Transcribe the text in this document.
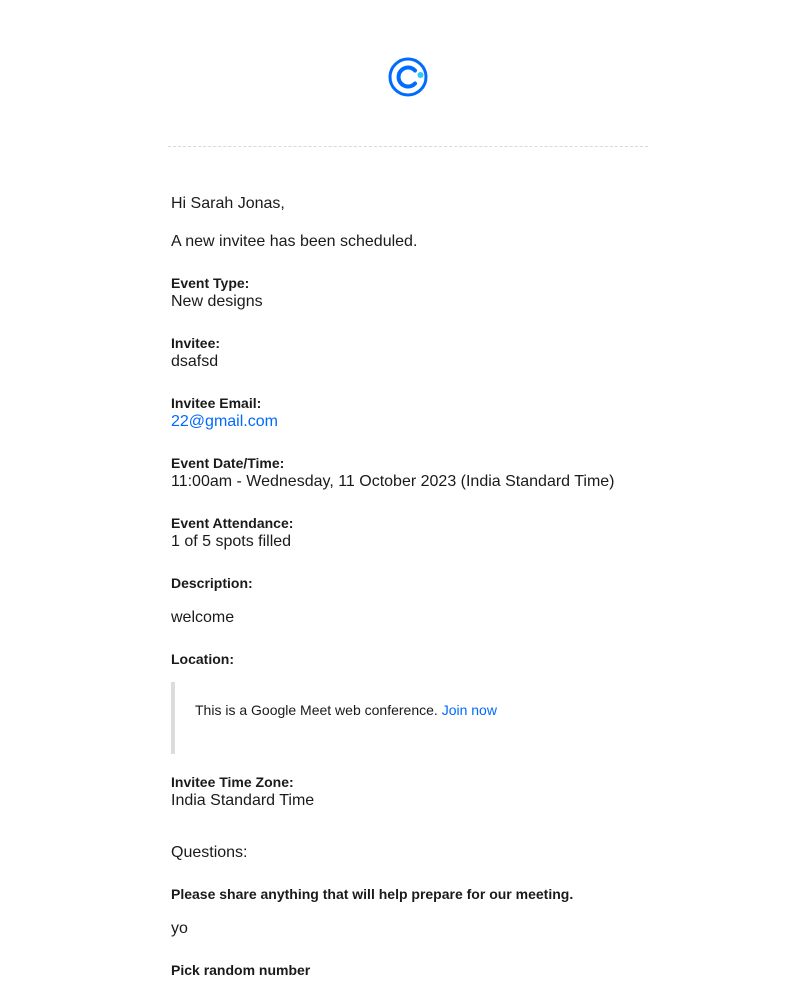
Hi Sarah Jonas,
A new invitee has been scheduled.
Event Type:
New designs
Invitee:
dsafsd
Invitee Email:
22@gmail.com
Event Date/Time:
11:00am - Wednesday, 11 October 2023 (India Standard Time)
Event Attendance:
1 of 5 spots filled
Description:
welcome
Location:
This is a Google Meet web conference. Join now
Invitee Time Zone:
India Standard Time
Questions:
Please share anything that will help prepare for our meeting.
yo
Pick random number
